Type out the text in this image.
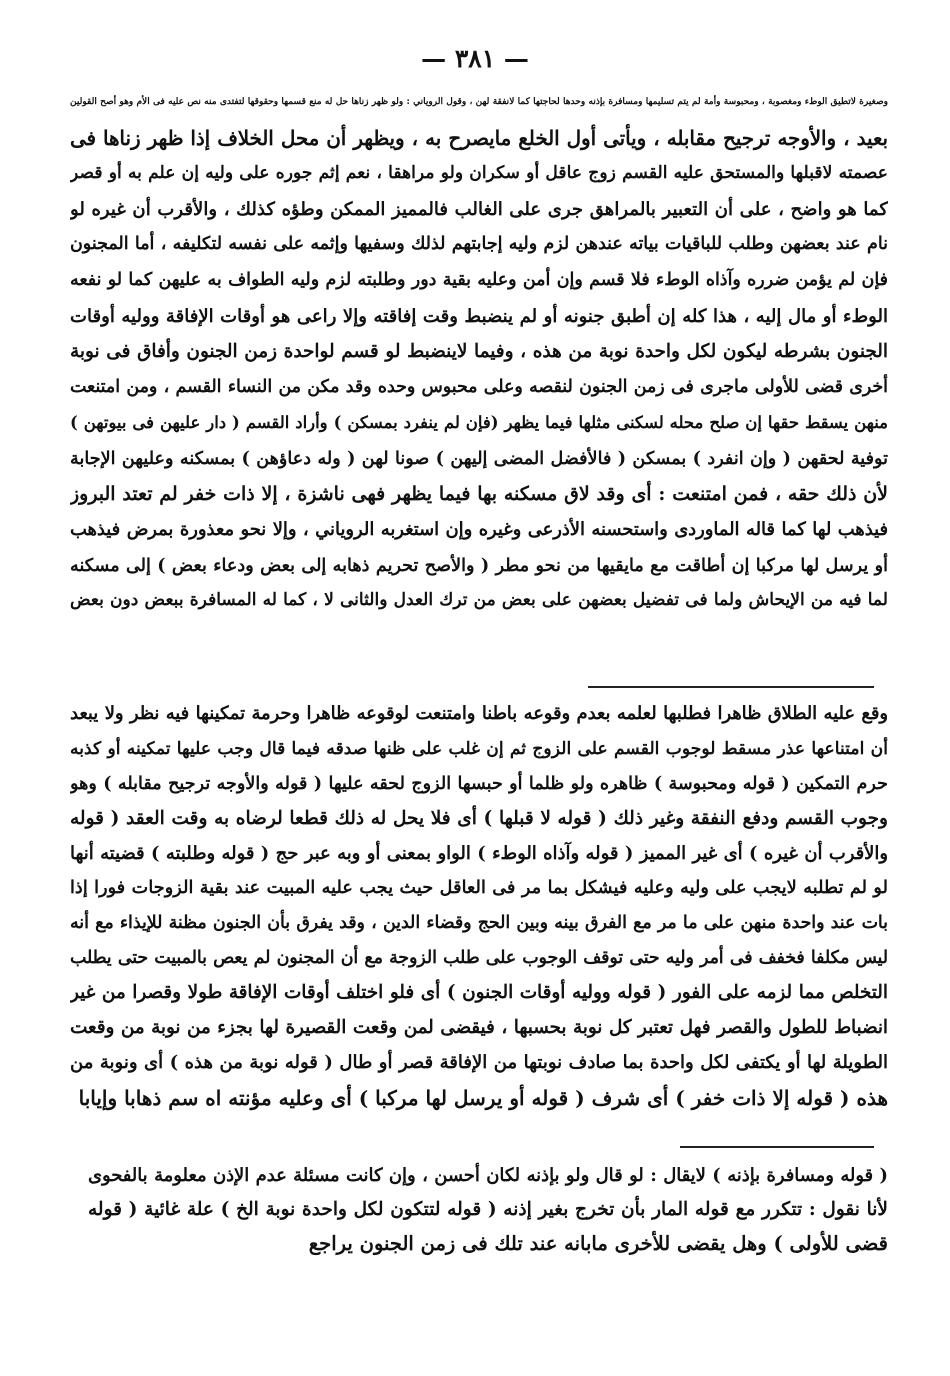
— ٣٨١ —
وصغيرة لاتطيق الوطء ومغصوبة ، ومحبوسة وأمة لم يتم تسليمها ومسافرة بإذنه وحدها لحاجتها كما لانفقة لهن ، وقول الروياني : ولو ظهر زناها حل له منع قسمها وحقوقها لتفتدى منه نص عليه فى الأم وهو أصح القولين
بعيد ، والأوجه ترجيح مقابله ، ويأتى أول الخلع مايصرح به ، ويظهر أن محل الخلاف إذا ظهر زناها فى
عصمته لاقبلها والمستحق عليه القسم زوج عاقل أو سكران ولو مراهقا ، نعم إثم جوره على وليه إن علم به أو قصر
كما هو واضح ، على أن التعبير بالمراهق جرى على الغالب فالمميز الممكن وطؤه كذلك ، والأقرب أن غيره لو
نام عند بعضهن وطلب للباقيات بياته عندهن لزم وليه إجابتهم لذلك وسفيها وإثمه على نفسه لتكليفه ، أما المجنون
فإن لم يؤمن ضرره وآذاه الوطء فلا قسم وإن أمن وعليه بقية دور وطلبته لزم وليه الطواف به عليهن كما لو نفعه
الوطء أو مال إليه ، هذا كله إن أطبق جنونه أو لم ينضبط وقت إفاقته وإلا راعى هو أوقات الإفاقة ووليه أوقات
الجنون بشرطه ليكون لكل واحدة نوبة من هذه ، وفيما لاينضبط لو قسم لواحدة زمن الجنون وأفاق فى نوبة
أخرى قضى للأولى ماجرى فى زمن الجنون لنقصه وعلى محبوس وحده وقد مكن من النساء القسم ، ومن امتنعت
منهن يسقط حقها إن صلح محله لسكنى مثلها فيما يظهر (فإن لم ينفرد بمسكن ) وأراد القسم ( دار عليهن فى بيوتهن )
توفية لحقهن ( وإن انفرد ) بمسكن ( فالأفضل المضى إليهن ) صونا لهن ( وله دعاؤهن ) بمسكنه وعليهن الإجابة
لأن ذلك حقه ، فمن امتنعت : أى وقد لاق مسكنه بها فيما يظهر فهى ناشزة ، إلا ذات خفر لم تعتد البروز
فيذهب لها كما قاله الماوردى واستحسنه الأذرعى وغيره وإن استغربه الروياني ، وإلا نحو معذورة بمرض فيذهب
أو يرسل لها مركبا إن أطاقت مع مايقيها من نحو مطر ( والأصح تحريم ذهابه إلى بعض ودعاء بعض ) إلى مسكنه
لما فيه من الإيحاش ولما فى تفضيل بعضهن على بعض من ترك العدل والثانى لا ، كما له المسافرة ببعض دون بعض
وقع عليه الطلاق ظاهرا فطلبها لعلمه بعدم وقوعه باطنا وامتنعت لوقوعه ظاهرا وحرمة تمكينها فيه نظر ولا يبعد
أن امتناعها عذر مسقط لوجوب القسم على الزوج ثم إن غلب على ظنها صدقه فيما قال وجب عليها تمكينه أو كذبه
حرم التمكين ( قوله ومحبوسة ) ظاهره ولو ظلما أو حبسها الزوج لحقه عليها ( قوله والأوجه ترجيح مقابله ) وهو
وجوب القسم ودفع النفقة وغير ذلك ( قوله لا قبلها ) أى فلا يحل له ذلك قطعا لرضاه به وقت العقد ( قوله
والأقرب أن غيره ) أى غير المميز ( قوله وآذاه الوطء ) الواو بمعنى أو وبه عبر حج ( قوله وطلبته ) قضيته أنها
لو لم تطلبه لايجب على وليه وعليه فيشكل بما مر فى العاقل حيث يجب عليه المبيت عند بقية الزوجات فورا إذا
بات عند واحدة منهن على ما مر مع الفرق بينه وبين الحج وقضاء الدين ، وقد يفرق بأن الجنون مظنة للإيذاء مع أنه
ليس مكلفا فخفف فى أمر وليه حتى توقف الوجوب على طلب الزوجة مع أن المجنون لم يعص بالمبيت حتى يطلب
التخلص مما لزمه على الفور ( قوله ووليه أوقات الجنون ) أى فلو اختلف أوقات الإفاقة طولا وقصرا من غير
انضباط للطول والقصر فهل تعتبر كل نوبة بحسبها ، فيقضى لمن وقعت القصيرة لها بجزء من نوبة من وقعت
الطويلة لها أو يكتفى لكل واحدة بما صادف نوبتها من الإفاقة قصر أو طال ( قوله نوبة من هذه ) أى ونوبة من
هذه ( قوله إلا ذات خفر ) أى شرف ( قوله أو يرسل لها مركبا ) أى وعليه مؤنته اه سم ذهابا وإيابا
( قوله ومسافرة بإذنه ) لايقال : لو قال ولو بإذنه لكان أحسن ، وإن كانت مسئلة عدم الإذن معلومة بالفحوى
لأنا نقول : تتكرر مع قوله المار بأن تخرج بغير إذنه ( قوله لتتكون لكل واحدة نوبة الخ ) علة غائية ( قوله
قضى للأولى ) وهل يقضى للأخرى مابانه عند تلك فى زمن الجنون يراجع
